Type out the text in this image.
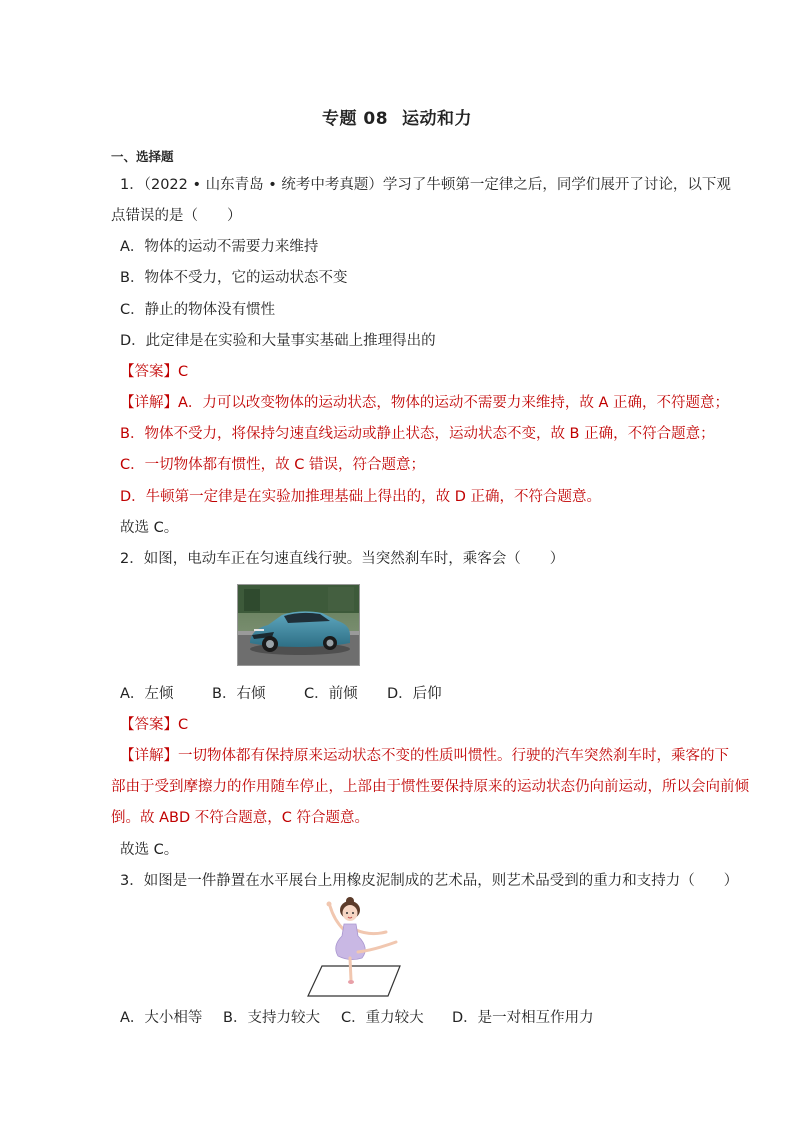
专题 08 运动和力
一、选择题
1．（2022 • 山东青岛 • 统考中考真题）学习了牛顿第一定律之后，同学们展开了讨论，以下观
点错误的是（　　）
A．物体的运动不需要力来维持
B．物体不受力，它的运动状态不变
C．静止的物体没有惯性
D．此定律是在实验和大量事实基础上推理得出的
【答案】C
【详解】A．力可以改变物体的运动状态，物体的运动不需要力来维持，故 A 正确，不符题意；
B．物体不受力，将保持匀速直线运动或静止状态，运动状态不变，故 B 正确，不符合题意；
C．一切物体都有惯性，故 C 错误，符合题意；
D．牛顿第一定律是在实验加推理基础上得出的，故 D 正确，不符合题意。
故选 C。
2．如图，电动车正在匀速直线行驶。当突然刹车时，乘客会（　　）
A．左倾	B．右倾	C．前倾 D．后仰
【答案】C
【详解】一切物体都有保持原来运动状态不变的性质叫惯性。行驶的汽车突然刹车时，乘客的下
部由于受到摩擦力的作用随车停止，上部由于惯性要保持原来的运动状态仍向前运动，所以会向前倾
倒。故 ABD 不符合题意，C 符合题意。
故选 C。
3．如图是一件静置在水平展台上用橡皮泥制成的艺术品，则艺术品受到的重力和支持力（　　）
A．大小相等 B．支持力较大 C．重力较大 D．是一对相互作用力
